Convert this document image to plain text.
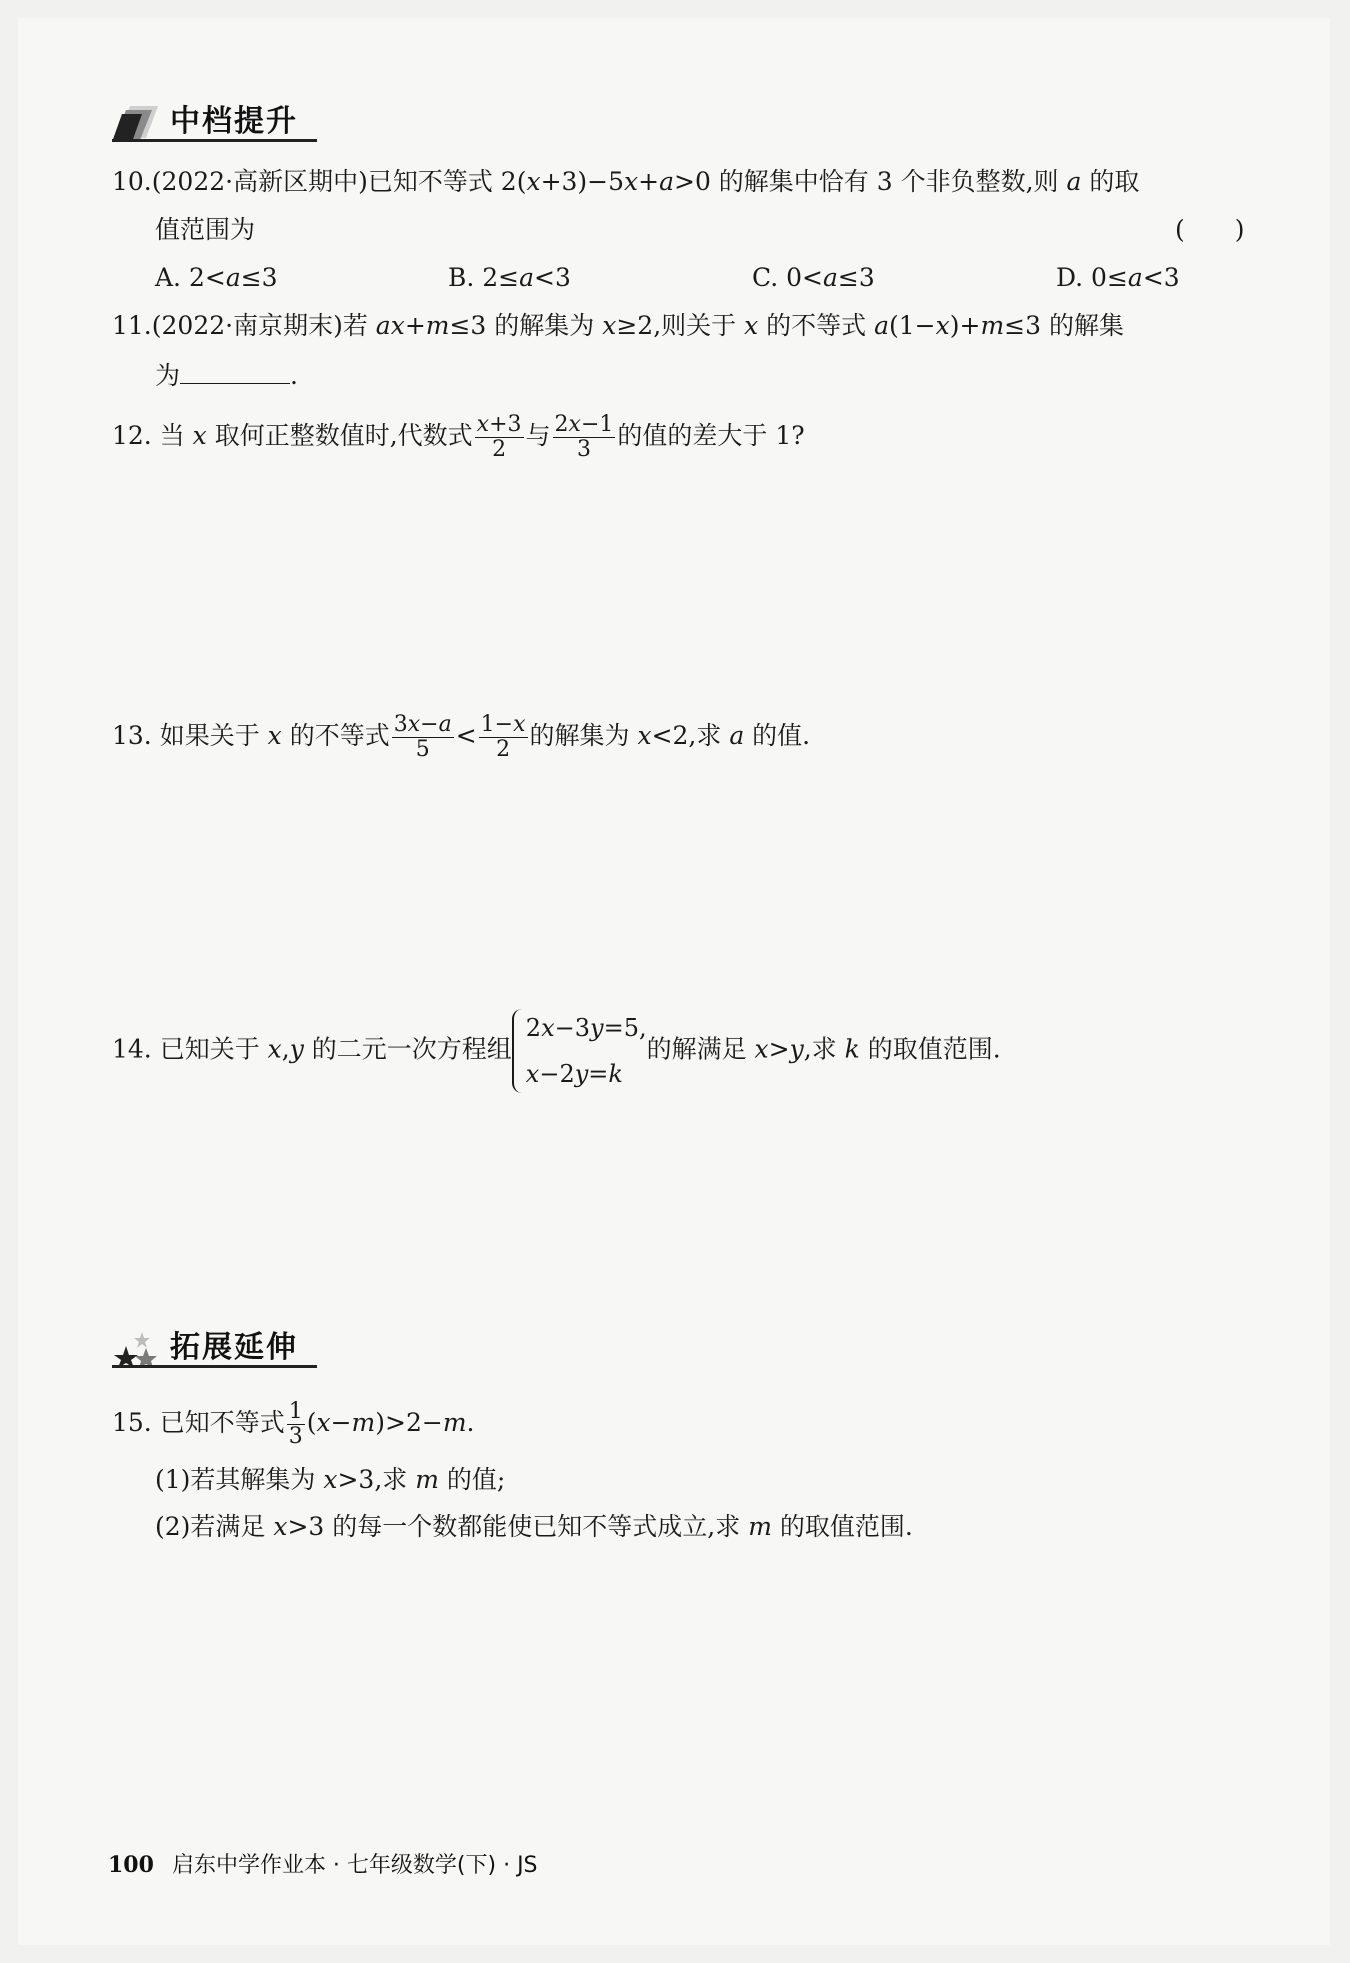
中档提升
10.(2022·高新区期中)已知不等式 2(x+3)−5x+a>0 的解集中恰有 3 个非负整数,则 a 的取
值范围为	(　　)
A. 2<a≤3	B. 2≤a<3	C. 0<a≤3	D. 0≤a<3
11.(2022·南京期末)若 ax+m≤3 的解集为 x≥2,则关于 x 的不等式 a(1−x)+m≤3 的解集
为	.
12. 当 x 取何正整数值时,代数式 $\frac{x+3}{2}$ 与 $\frac{2x-1}{3}$ 的值的差大于 1?
13. 如果关于 x 的不等式 $\frac{3x-a}{5} < \frac{1-x}{2}$ 的解集为 x<2,求 a 的值.
14. 已知关于 x,y 的二元一次方程组
2x−3y=5,
x−2y=k
的解满足 x>y,求 k 的取值范围.
拓展延伸
15. 已知不等式 $\frac{1}{3} (x-m)>2-m$.
(1)若其解集为 x>3,求 m 的值;
(2)若满足 x>3 的每一个数都能使已知不等式成立,求 m 的取值范围.
100 启东中学作业本 · 七年级数学(下) · JS
